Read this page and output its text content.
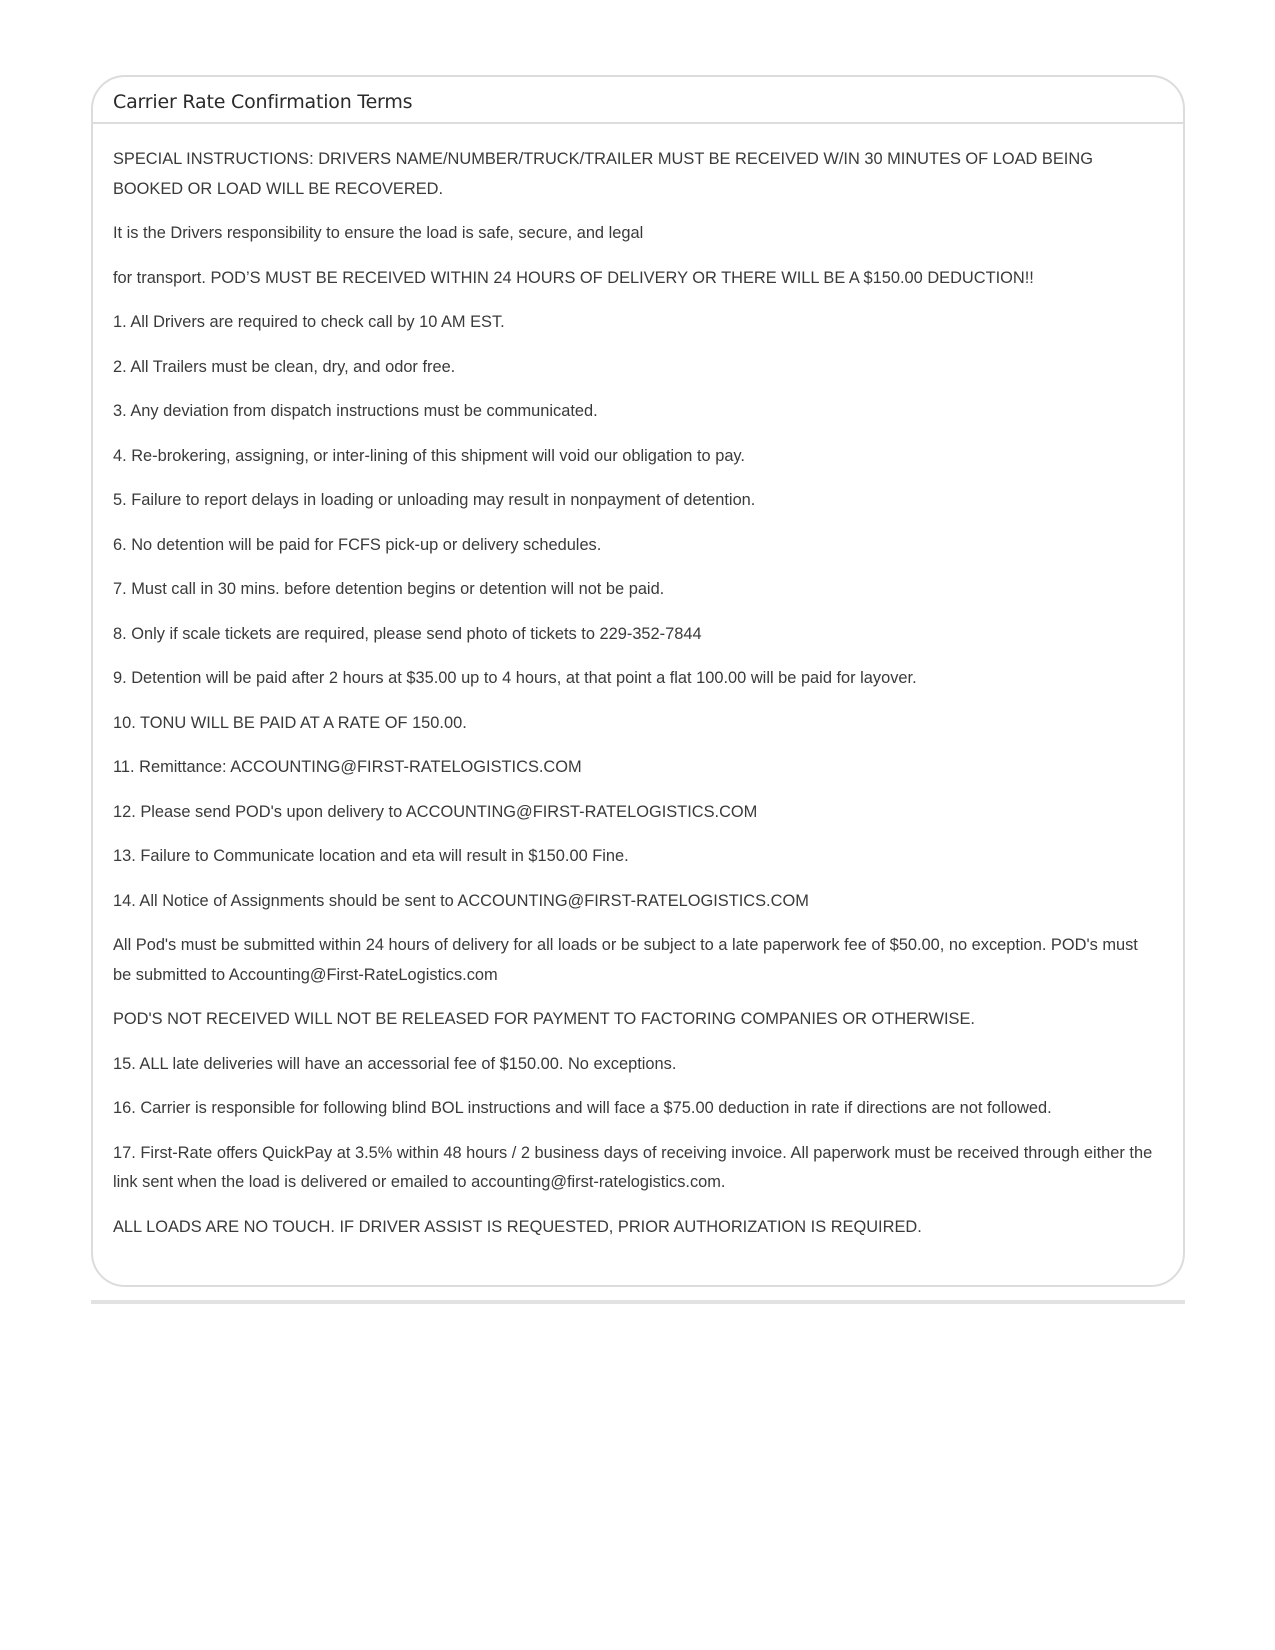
Carrier Rate Confirmation Terms

SPECIAL INSTRUCTIONS: DRIVERS NAME/NUMBER/TRUCK/TRAILER MUST BE RECEIVED W/IN 30 MINUTES OF LOAD BEING BOOKED OR LOAD WILL BE RECOVERED.

It is the Drivers responsibility to ensure the load is safe, secure, and legal

for transport. POD’S MUST BE RECEIVED WITHIN 24 HOURS OF DELIVERY OR THERE WILL BE A $150.00 DEDUCTION!!

1. All Drivers are required to check call by 10 AM EST.

2. All Trailers must be clean, dry, and odor free.

3. Any deviation from dispatch instructions must be communicated.

4. Re-brokering, assigning, or inter-lining of this shipment will void our obligation to pay.

5. Failure to report delays in loading or unloading may result in nonpayment of detention.

6. No detention will be paid for FCFS pick-up or delivery schedules.

7. Must call in 30 mins. before detention begins or detention will not be paid.

8. Only if scale tickets are required, please send photo of tickets to 229-352-7844

9. Detention will be paid after 2 hours at $35.00 up to 4 hours, at that point a flat 100.00 will be paid for layover.

10. TONU WILL BE PAID AT A RATE OF 150.00.

11. Remittance: ACCOUNTING@FIRST-RATELOGISTICS.COM

12. Please send POD's upon delivery to ACCOUNTING@FIRST-RATELOGISTICS.COM

13. Failure to Communicate location and eta will result in $150.00 Fine.

14. All Notice of Assignments should be sent to ACCOUNTING@FIRST-RATELOGISTICS.COM

All Pod's must be submitted within 24 hours of delivery for all loads or be subject to a late paperwork fee of $50.00, no exception. POD's must be submitted to Accounting@First-RateLogistics.com

POD'S NOT RECEIVED WILL NOT BE RELEASED FOR PAYMENT TO FACTORING COMPANIES OR OTHERWISE.

15. ALL late deliveries will have an accessorial fee of $150.00. No exceptions.

16. Carrier is responsible for following blind BOL instructions and will face a $75.00 deduction in rate if directions are not followed.

17. First-Rate offers QuickPay at 3.5% within 48 hours / 2 business days of receiving invoice. All paperwork must be received through either the link sent when the load is delivered or emailed to accounting@first-ratelogistics.com.

ALL LOADS ARE NO TOUCH. IF DRIVER ASSIST IS REQUESTED, PRIOR AUTHORIZATION IS REQUIRED.
